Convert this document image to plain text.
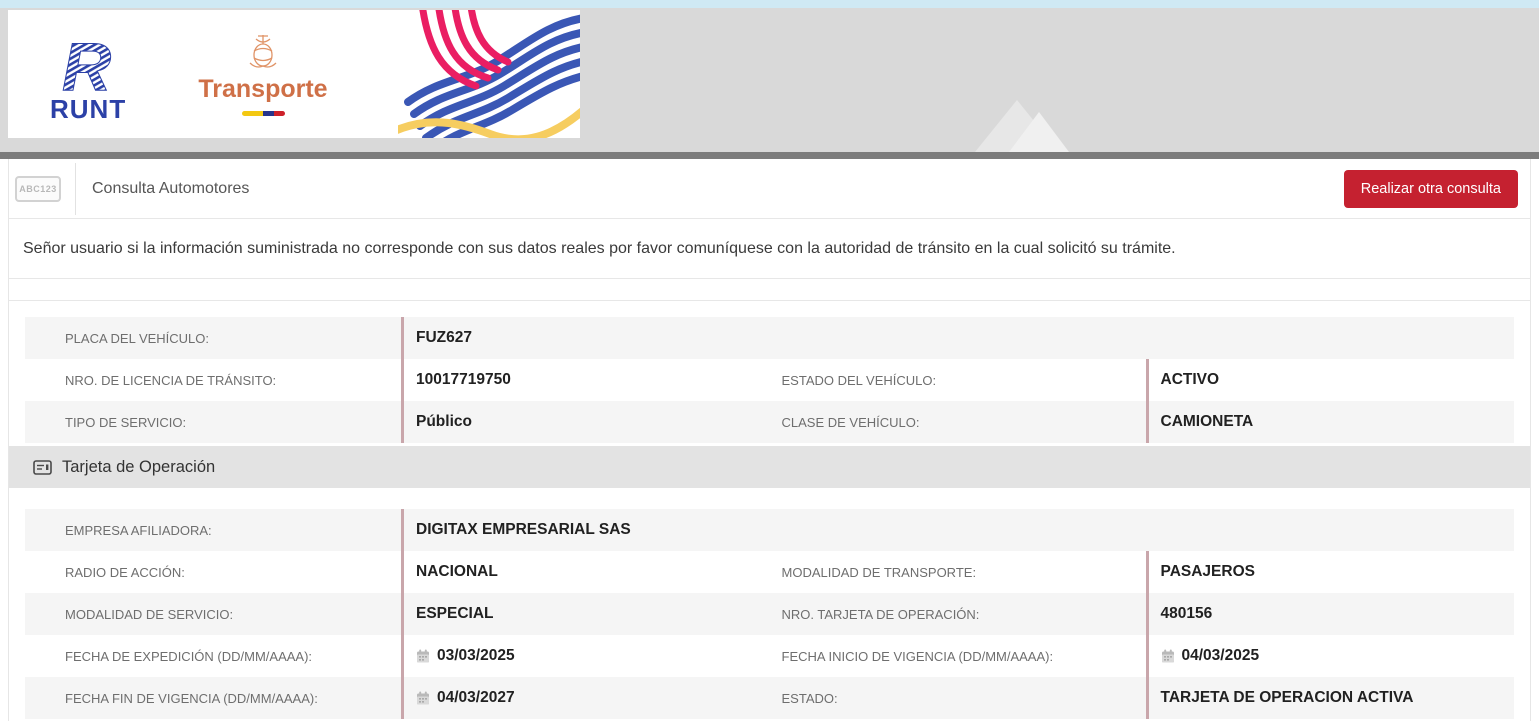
R
RUNT
Transporte
ABC123 Consulta Automotores	Realizar otra consulta
Señor usuario si la información suministrada no corresponde con sus datos reales por favor comuníquese con la autoridad de tránsito en la cual solicitó su trámite.
PLACA DEL VEHÍCULO:	FUZ627
NRO. DE LICENCIA DE TRÁNSITO:	10017719750	ESTADO DEL VEHÍCULO:	ACTIVO
TIPO DE SERVICIO:	Público	CLASE DE VEHÍCULO:	CAMIONETA
Tarjeta de Operación
EMPRESA AFILIADORA:	DIGITAX EMPRESARIAL SAS
RADIO DE ACCIÓN:	NACIONAL	MODALIDAD DE TRANSPORTE:	PASAJEROS
MODALIDAD DE SERVICIO:	ESPECIAL	NRO. TARJETA DE OPERACIÓN:	480156
FECHA DE EXPEDICIÓN (DD/MM/AAAA):	03/03/2025	FECHA INICIO DE VIGENCIA (DD/MM/AAAA):	04/03/2025
FECHA FIN DE VIGENCIA (DD/MM/AAAA):	04/03/2027	ESTADO:	TARJETA DE OPERACION ACTIVA
